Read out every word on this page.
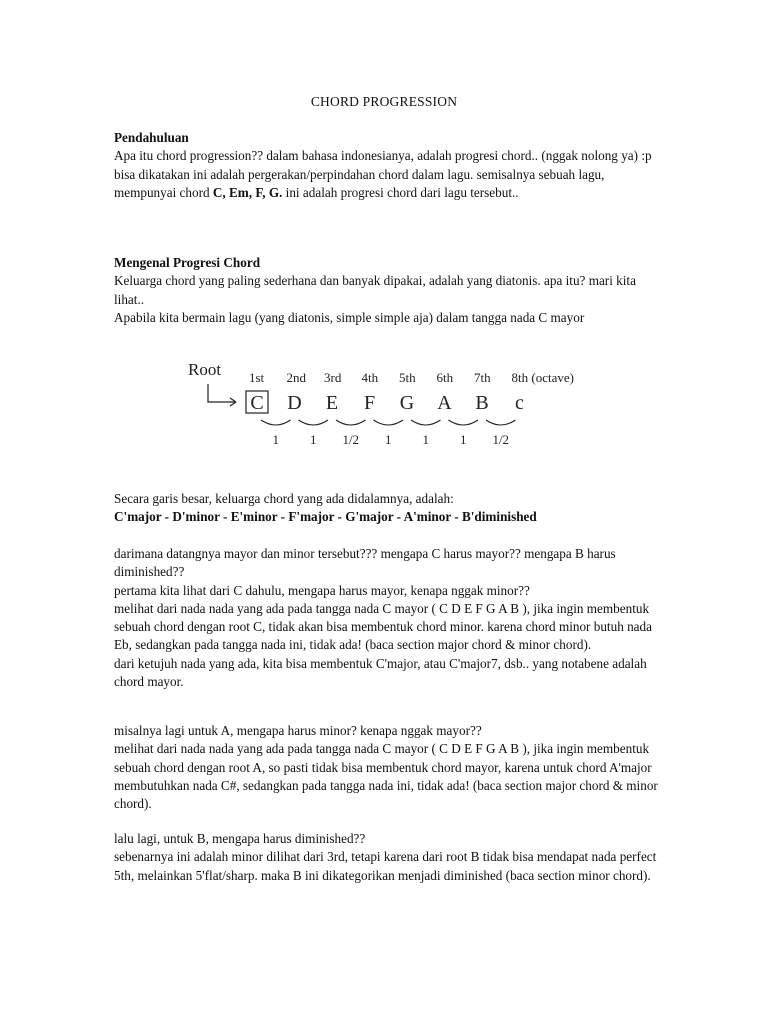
CHORD PROGRESSION

Pendahuluan

Apa itu chord progression?? dalam bahasa indonesianya, adalah progresi chord.. (nggak nolong ya) :p

bisa dikatakan ini adalah pergerakan/perpindahan chord dalam lagu. semisalnya sebuah lagu, mempunyai chord C, Em, F, G. ini adalah progresi chord dari lagu tersebut..

Mengenal Progresi Chord

Keluarga chord yang paling sederhana dan banyak dipakai, adalah yang diatonis. apa itu? mari kita lihat..

Apabila kita bermain lagu (yang diatonis, simple simple aja) dalam tangga nada C mayor

Root 1st 2nd 3rd 4th 5th 6th 7th 8th (octave)
C D E F G A B c
1 1 1/2 1 1 1 1/2

Secara garis besar, keluarga chord yang ada didalamnya, adalah:

C'major - D'minor - E'minor - F'major - G'major - A'minor - B'diminished

darimana datangnya mayor dan minor tersebut??? mengapa C harus mayor?? mengapa B harus diminished??

pertama kita lihat dari C dahulu, mengapa harus mayor, kenapa nggak minor??

melihat dari nada nada yang ada pada tangga nada C mayor ( C D E F G A B ), jika ingin membentuk sebuah chord dengan root C, tidak akan bisa membentuk chord minor. karena chord minor butuh nada Eb, sedangkan pada tangga nada ini, tidak ada! (baca section major chord & minor chord).

dari ketujuh nada yang ada, kita bisa membentuk C'major, atau C'major7, dsb.. yang notabene adalah chord mayor.

misalnya lagi untuk A, mengapa harus minor? kenapa nggak mayor??

melihat dari nada nada yang ada pada tangga nada C mayor ( C D E F G A B ), jika ingin membentuk sebuah chord dengan root A, so pasti tidak bisa membentuk chord mayor, karena untuk chord A'major membutuhkan nada C#, sedangkan pada tangga nada ini, tidak ada! (baca section major chord & minor chord).

lalu lagi, untuk B, mengapa harus diminished??

sebenarnya ini adalah minor dilihat dari 3rd, tetapi karena dari root B tidak bisa mendapat nada perfect 5th, melainkan 5'flat/sharp. maka B ini dikategorikan menjadi diminished (baca section minor chord).
